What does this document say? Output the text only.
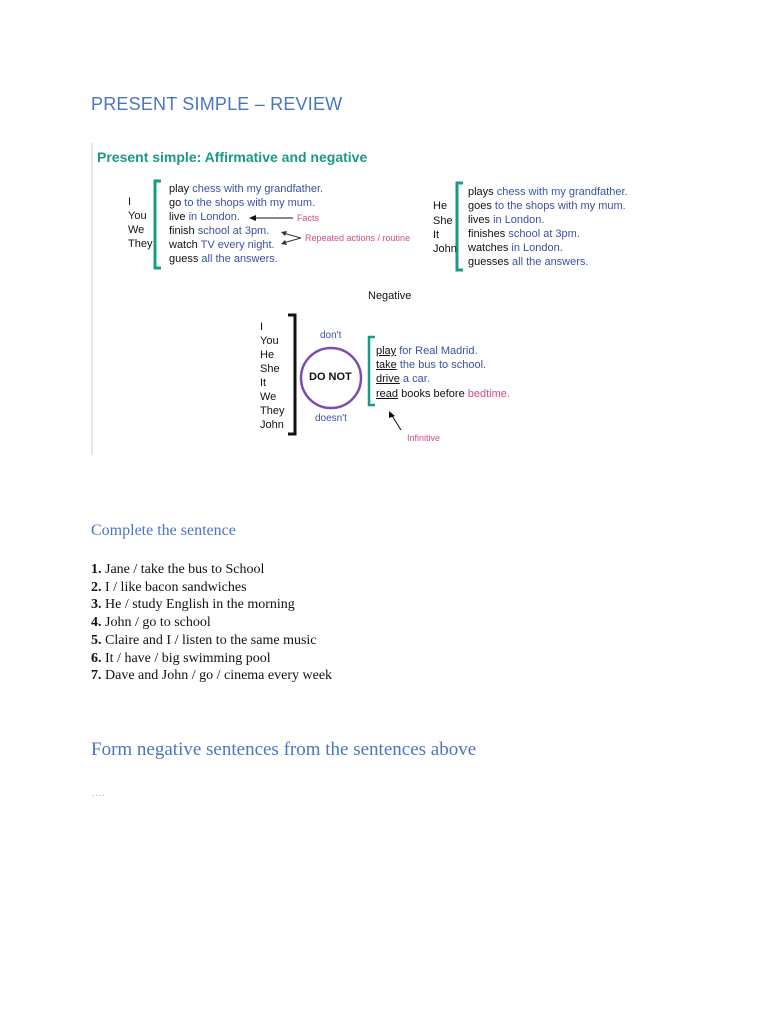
PRESENT SIMPLE – REVIEW
Present simple: Affirmative and negative
I
You
We
They
play chess with my grandfather.
go to the shops with my mum.
live in London.
finish school at 3pm.
watch TV every night.
guess all the answers.
Facts
Repeated actions / routine
He
She
It
John
plays chess with my grandfather.
goes to the shops with my mum.
lives in London.
finishes school at 3pm.
watches in London.
guesses all the answers.
Negative
I
You
He
She
It
We
They
John
don't
DO NOT
doesn't
play for Real Madrid.
take the bus to school.
drive a car.
read books before bedtime.
Infinitive
Complete the sentence
1. Jane / take the bus to School
2. I / like bacon sandwiches
3. He / study English in the morning
4. John / go to school
5. Claire and I / listen to the same music
6. It / have / big swimming pool
7. Dave and John / go / cinema every week
Form negative sentences from the sentences above
….
